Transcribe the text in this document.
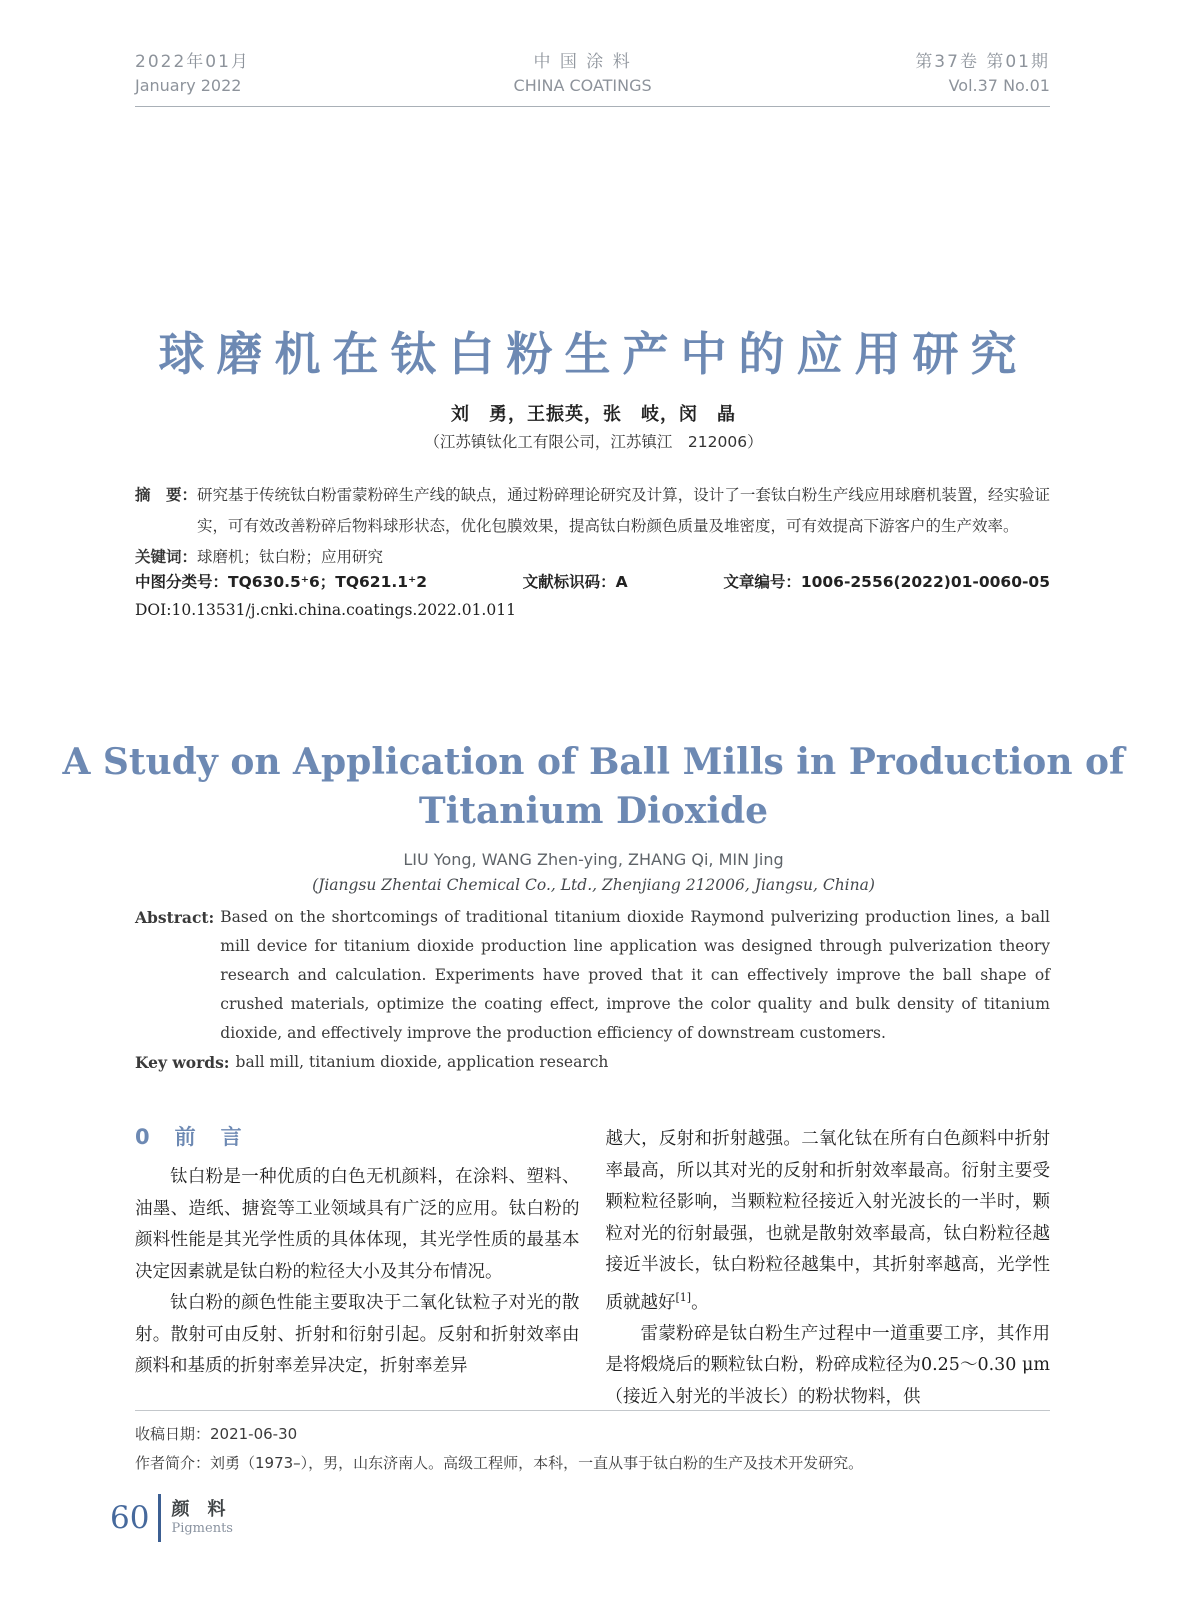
2022年01月
January 2022
中 国 涂 料
CHINA COATINGS
第37卷 第01期
Vol.37 No.01
球磨机在钛白粉生产中的应用研究
刘　勇，王振英，张　岐，闵　晶
（江苏镇钛化工有限公司，江苏镇江　212006）
摘　要： 研究基于传统钛白粉雷蒙粉碎生产线的缺点，通过粉碎理论研究及计算，设计了一套钛白粉生产线应用球磨机装置，经实验证实，可有效改善粉碎后物料球形状态，优化包膜效果，提高钛白粉颜色质量及堆密度，可有效提高下游客户的生产效率。
关键词： 球磨机；钛白粉；应用研究
中图分类号：TQ630.5⁺6；TQ621.1⁺2	文献标识码：A	文章编号：1006-2556(2022)01-0060-05
DOI:10.13531/j.cnki.china.coatings.2022.01.011
A Study on Application of Ball Mills in Production of
Titanium Dioxide
LIU Yong, WANG Zhen-ying, ZHANG Qi, MIN Jing
(Jiangsu Zhentai Chemical Co., Ltd., Zhenjiang 212006, Jiangsu, China)
Abstract: Based on the shortcomings of traditional titanium dioxide Raymond pulverizing production lines, a ball mill device for titanium dioxide production line application was designed through pulverization theory research and calculation. Experiments have proved that it can effectively improve the ball shape of crushed materials, optimize the coating effect, improve the color quality and bulk density of titanium dioxide, and effectively improve the production efficiency of downstream customers.
Key words: ball mill, titanium dioxide, application research
0　前　言

钛白粉是一种优质的白色无机颜料，在涂料、塑料、油墨、造纸、搪瓷等工业领域具有广泛的应用。钛白粉的颜料性能是其光学性质的具体体现，其光学性质的最基本决定因素就是钛白粉的粒径大小及其分布情况。

钛白粉的颜色性能主要取决于二氧化钛粒子对光的散射。散射可由反射、折射和衍射引起。反射和折射效率由颜料和基质的折射率差异决定，折射率差异

越大，反射和折射越强。二氧化钛在所有白色颜料中折射率最高，所以其对光的反射和折射效率最高。衍射主要受颗粒粒径影响，当颗粒粒径接近入射光波长的一半时，颗粒对光的衍射最强，也就是散射效率最高，钛白粉粒径越接近半波长，钛白粉粒径越集中，其折射率越高，光学性质就越好[1]。

雷蒙粉碎是钛白粉生产过程中一道重要工序，其作用是将煅烧后的颗粒钛白粉，粉碎成粒径为0.25～0.30 μm（接近入射光的半波长）的粉状物料，供

收稿日期：2021-06-30
作者简介：刘勇（1973–），男，山东济南人。高级工程师，本科，一直从事于钛白粉的生产及技术开发研究。
60 颜　料
Pigments
